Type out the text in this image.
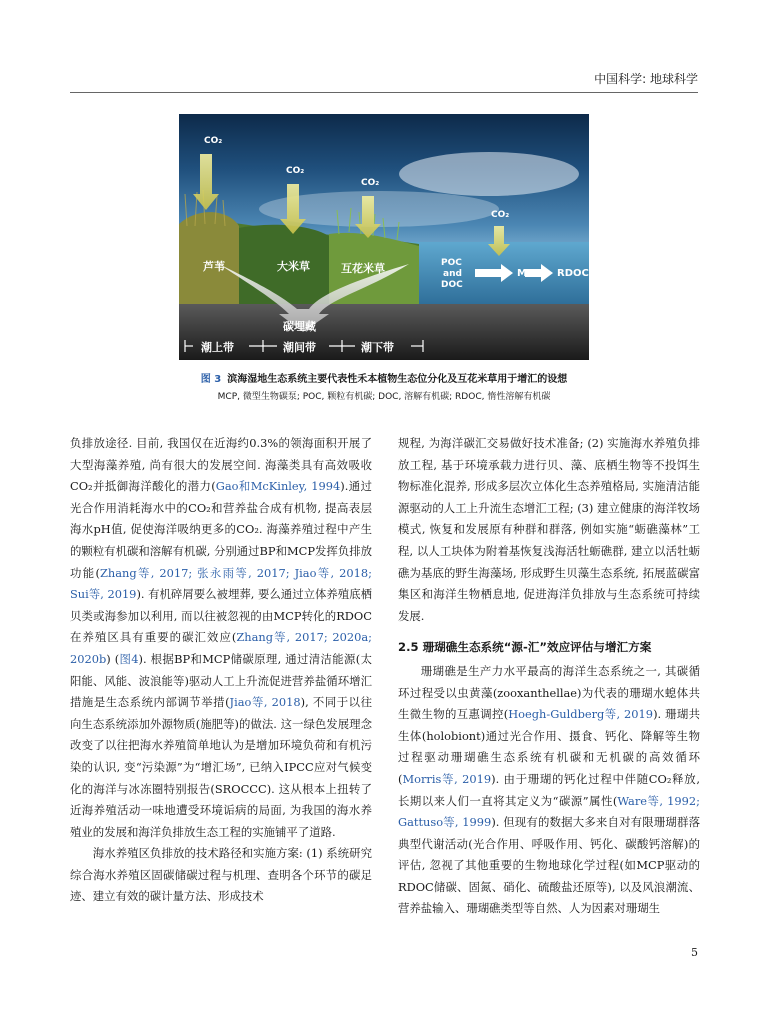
中国科学: 地球科学
CO₂
CO₂
CO₂
CO₂
芦苇	大米草	互花米草	POC
and
DOC
MCP RDOC
碳埋藏
潮上带	潮间带	潮下带
图 3 滨海湿地生态系统主要代表性禾本植物生态位分化及互花米草用于增汇的设想
MCP, 微型生物碳泵; POC, 颗粒有机碳; DOC, 溶解有机碳; RDOC, 惰性溶解有机碳

负排放途径. 目前, 我国仅在近海约0.3%的领海面积开展了大型海藻养殖, 尚有很大的发展空间. 海藻类具有高效吸收CO₂并抵御海洋酸化的潜力(Gao和McKinley, 1994).通过光合作用消耗海水中的CO₂和营养盐合成有机物, 提高表层海水pH值, 促使海洋吸纳更多的CO₂. 海藻养殖过程中产生的颗粒有机碳和溶解有机碳, 分别通过BP和MCP发挥负排放功能(Zhang等, 2017; 张永雨等, 2017; Jiao等, 2018; Sui等, 2019). 有机碎屑要么被埋葬, 要么通过立体养殖底栖贝类或海参加以利用, 而以往被忽视的由MCP转化的RDOC在养殖区具有重要的碳汇效应(Zhang等, 2017; 2020a; 2020b) (图4). 根据BP和MCP储碳原理, 通过清洁能源(太阳能、风能、波浪能等)驱动人工上升流促进营养盐循环增汇措施是生态系统内部调节举措(Jiao等, 2018), 不同于以往向生态系统添加外源物质(施肥等)的做法. 这一绿色发展理念改变了以往把海水养殖简单地认为是增加环境负荷和有机污染的认识, 变“污染源”为“增汇场”, 已纳入IPCC应对气候变化的海洋与冰冻圈特别报告(SROCCC). 这从根本上扭转了近海养殖活动一味地遭受环境诟病的局面, 为我国的海水养殖业的发展和海洋负排放生态工程的实施铺平了道路.

海水养殖区负排放的技术路径和实施方案: (1) 系统研究综合海水养殖区固碳储碳过程与机理、查明各个环节的碳足迹、建立有效的碳计量方法、形成技术

规程, 为海洋碳汇交易做好技术准备; (2) 实施海水养殖负排放工程, 基于环境承载力进行贝、藻、底栖生物等不投饵生物标准化混养, 形成多层次立体化生态养殖格局, 实施清洁能源驱动的人工上升流生态增汇工程; (3) 建立健康的海洋牧场模式, 恢复和发展原有种群和群落, 例如实施“蛎礁藻林”工程, 以人工块体为附着基恢复浅海活牡蛎礁群, 建立以活牡蛎礁为基底的野生海藻场, 形成野生贝藻生态系统, 拓展蓝碳富集区和海洋生物栖息地, 促进海洋负排放与生态系统可持续发展.

2.5 珊瑚礁生态系统“源-汇”效应评估与增汇方案

珊瑚礁是生产力水平最高的海洋生态系统之一, 其碳循环过程受以虫黄藻(zooxanthellae)为代表的珊瑚水螅体共生微生物的互惠调控(Hoegh-Guldberg等, 2019). 珊瑚共生体(holobiont)通过光合作用、摄食、钙化、降解等生物过程驱动珊瑚礁生态系统有机碳和无机碳的高效循环(Morris等, 2019). 由于珊瑚的钙化过程中伴随CO₂释放, 长期以来人们一直将其定义为“碳源”属性(Ware等, 1992; Gattuso等, 1999). 但现有的数据大多来自对有限珊瑚群落典型代谢活动(光合作用、呼吸作用、钙化、碳酸钙溶解)的评估, 忽视了其他重要的生物地球化学过程(如MCP驱动的RDOC储碳、固氮、硝化、硫酸盐还原等), 以及风浪潮流、营养盐输入、珊瑚礁类型等自然、人为因素对珊瑚生

5
